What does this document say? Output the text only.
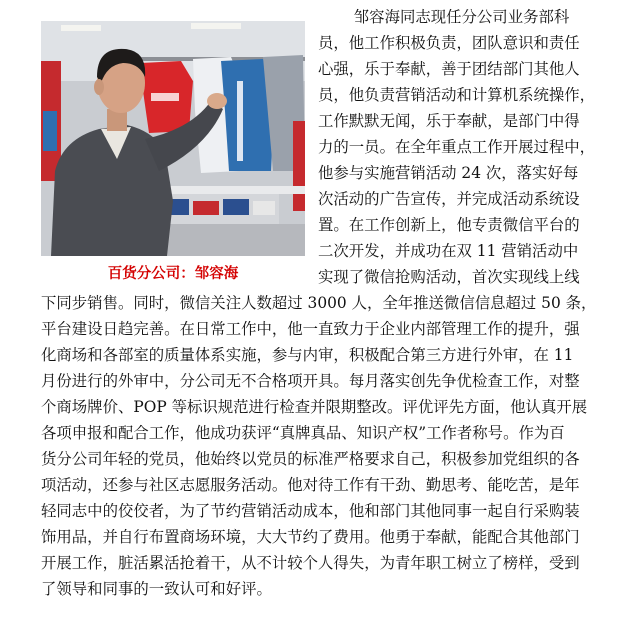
百货分公司：邹容海
　　邹容海同志现任分公司业务部科
员，他工作积极负责，团队意识和责任
心强，乐于奉献，善于团结部门其他人
员，他负责营销活动和计算机系统操作，
工作默默无闻，乐于奉献，是部门中得
力的一员。在全年重点工作开展过程中，
他参与实施营销活动 24 次，落实好每
次活动的广告宣传，并完成活动系统设
置。在工作创新上，他专责微信平台的
二次开发，并成功在双 11 营销活动中
实现了微信抢购活动，首次实现线上线
下同步销售。同时，微信关注人数超过 3000 人，全年推送微信信息超过 50 条，
平台建设日趋完善。在日常工作中，他一直致力于企业内部管理工作的提升，强
化商场和各部室的质量体系实施，参与内审，积极配合第三方进行外审，在 11
月份进行的外审中，分公司无不合格项开具。每月落实创先争优检查工作，对整
个商场牌价、POP 等标识规范进行检查并限期整改。评优评先方面，他认真开展
各项申报和配合工作，他成功获评“真牌真品、知识产权”工作者称号。作为百
货分公司年轻的党员，他始终以党员的标准严格要求自己，积极参加党组织的各
项活动，还参与社区志愿服务活动。他对待工作有干劲、勤思考、能吃苦，是年
轻同志中的佼佼者，为了节约营销活动成本，他和部门其他同事一起自行采购装
饰用品，并自行布置商场环境，大大节约了费用。他勇于奉献，能配合其他部门
开展工作，脏活累活抢着干，从不计较个人得失，为青年职工树立了榜样，受到
了领导和同事的一致认可和好评。
